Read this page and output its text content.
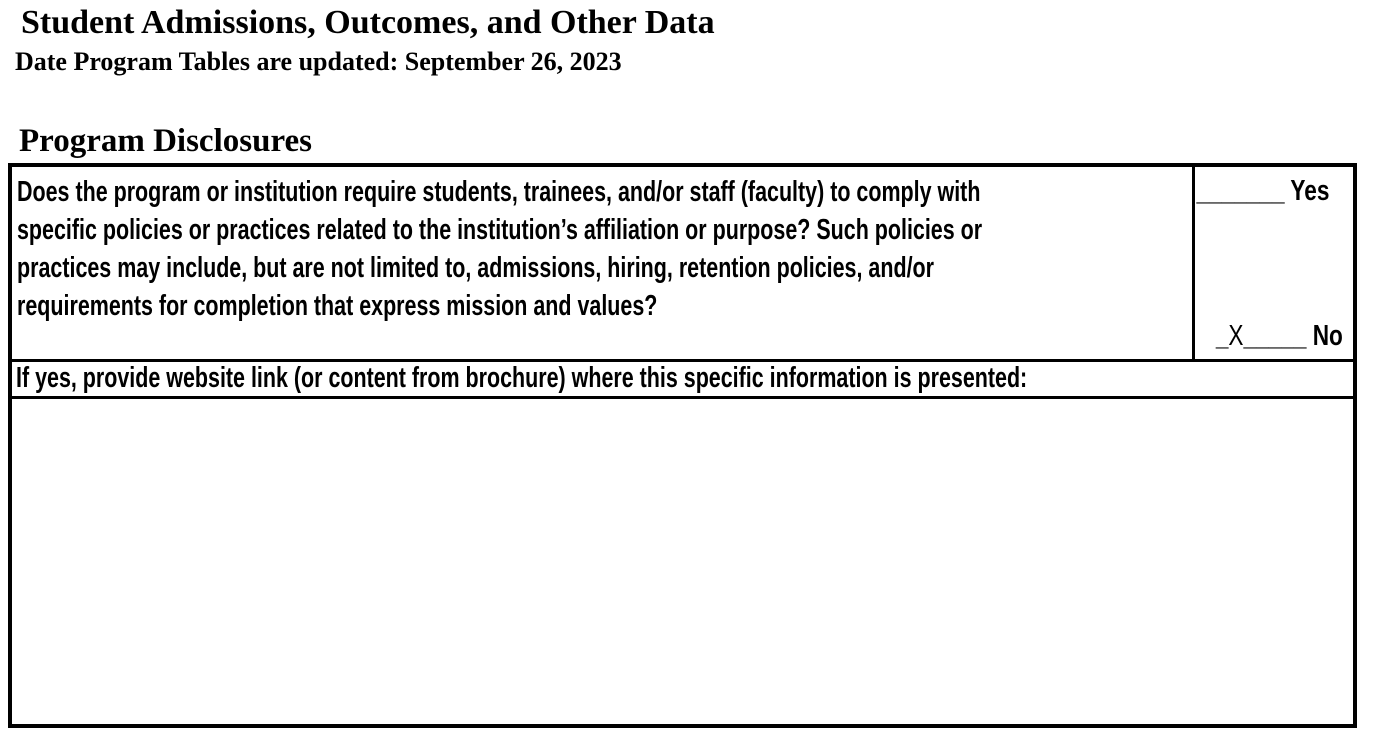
Student Admissions, Outcomes, and Other Data
Date Program Tables are updated: September 26, 2023
Program Disclosures
Does the program or institution require students, trainees, and/or staff (faculty) to comply with
specific policies or practices related to the institution’s affiliation or purpose? Such policies or
practices may include, but are not limited to, admissions, hiring, retention policies, and/or
requirements for completion that express mission and values?
_______ Yes
_X_____ No
If yes, provide website link (or content from brochure) where this specific information is presented:
